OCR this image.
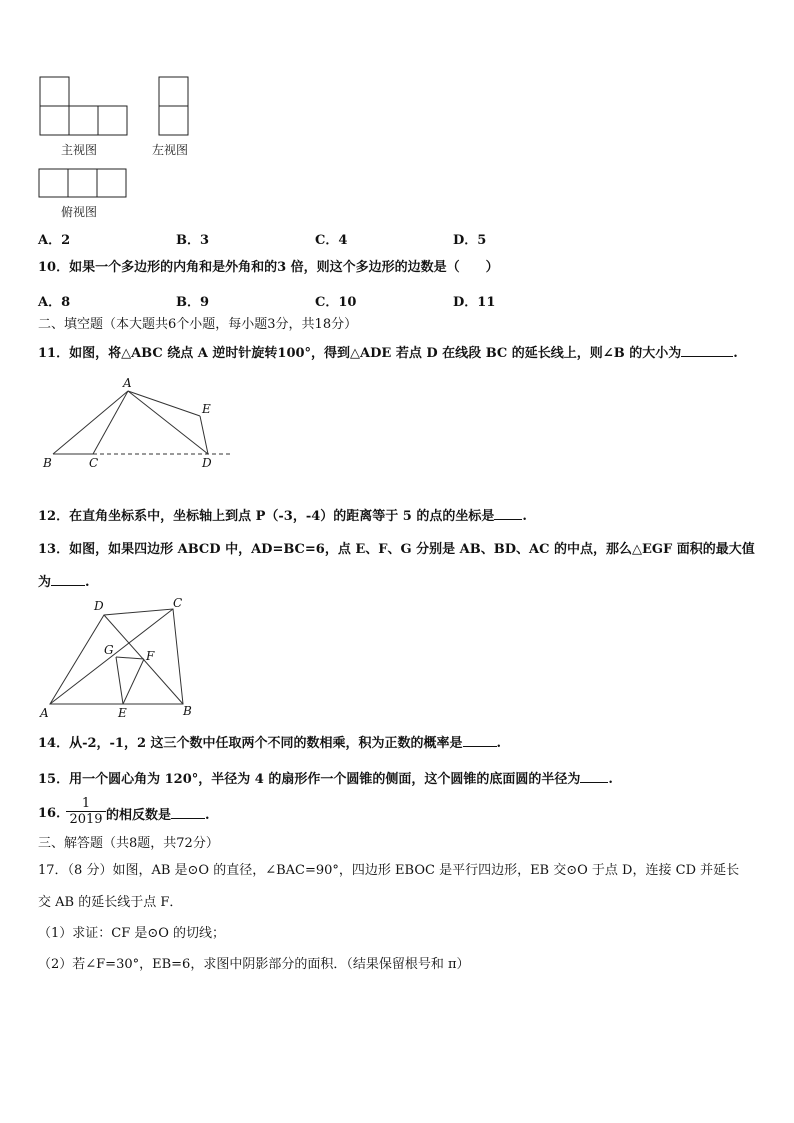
主视图	左视图
俯视图
A．2	B．3	C．4	D．5
10．如果一个多边形的内角和是外角和的3 倍，则这个多边形的边数是（　　）
A．8	B．9	C．10	D．11
二、填空题（本大题共6个小题，每小题3分，共18分）
11．如图，将△ABC 绕点 A 逆时针旋转100°，得到△ADE 若点 D 在线段 BC 的延长线上，则∠B 的大小为	.
A
E
B	C	D
12．在直角坐标系中，坐标轴上到点 P（-3，-4）的距离等于 5 的点的坐标是 .
13．如图，如果四边形 ABCD 中，AD=BC=6，点 E、F、G 分别是 AB、BD、AC 的中点，那么△EGF 面积的最大值
为	.
D	C
G	F
A	E	B
14．从-2，-1，2 这三个数中任取两个不同的数相乘，积为正数的概率是	.
15．用一个圆心角为 120°，半径为 4 的扇形作一个圆锥的侧面，这个圆锥的底面圆的半径为 .
16．
$\frac{1}{2019}$ 的相反数是	.
三、解答题（共8题，共72分）
17．（8 分）如图，AB 是⊙O 的直径，∠BAC=90°，四边形 EBOC 是平行四边形，EB 交⊙O 于点 D，连接 CD 并延长
交 AB 的延长线于点 F．
（1）求证：CF 是⊙O 的切线；
（2）若∠F=30°，EB=6，求图中阴影部分的面积．（结果保留根号和 π）
